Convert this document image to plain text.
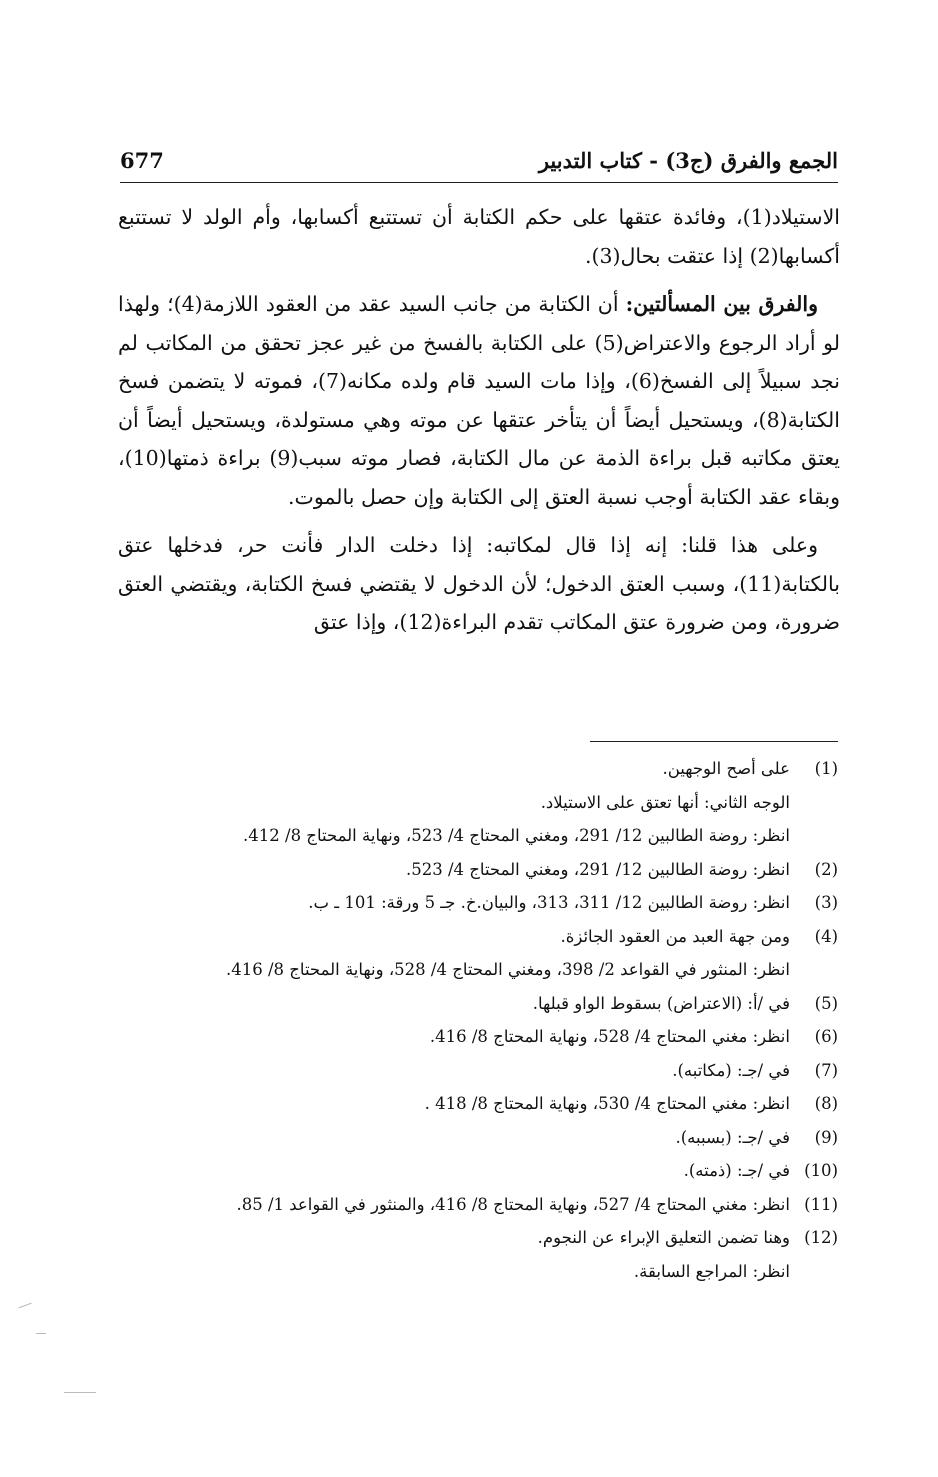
الجمع والفرق (ج3) - كتاب التدبير
677

الاستيلاد(1)، وفائدة عتقها على حكم الكتابة أن تستتبع أكسابها، وأم الولد لا تستتبع أكسابها(2) إذا عتقت بحال(3).

والفرق بين المسألتين: أن الكتابة من جانب السيد عقد من العقود اللازمة(4)؛ ولهذا لو أراد الرجوع والاعتراض(5) على الكتابة بالفسخ من غير عجز تحقق من المكاتب لم نجد سبيلاً إلى الفسخ(6)، وإذا مات السيد قام ولده مكانه(7)، فموته لا يتضمن فسخ الكتابة(8)، ويستحيل أيضاً أن يتأخر عتقها عن موته وهي مستولدة، ويستحيل أيضاً أن يعتق مكاتبه قبل براءة الذمة عن مال الكتابة، فصار موته سبب(9) براءة ذمتها(10)، وبقاء عقد الكتابة أوجب نسبة العتق إلى الكتابة وإن حصل بالموت.

وعلى هذا قلنا: إنه إذا قال لمكاتبه: إذا دخلت الدار فأنت حر، فدخلها عتق بالكتابة(11)، وسبب العتق الدخول؛ لأن الدخول لا يقتضي فسخ الكتابة، ويقتضي العتق ضرورة، ومن ضرورة عتق المكاتب تقدم البراءة(12)، وإذا عتق

(1)
على أصح الوجهين.
الوجه الثاني: أنها تعتق على الاستيلاد.
انظر: روضة الطالبين 12/ 291، ومغني المحتاج 4/ 523، ونهاية المحتاج 8/ 412.
(2)
انظر: روضة الطالبين 12/ 291، ومغني المحتاج 4/ 523.
(3)
انظر: روضة الطالبين 12/ 311، 313، والبيان.خ. جـ 5 ورقة: 101 ـ ب.
(4)
ومن جهة العبد من العقود الجائزة.
انظر: المنثور في القواعد 2/ 398، ومغني المحتاج 4/ 528، ونهاية المحتاج 8/ 416.
(5)
في /أ: (الاعتراض) بسقوط الواو قبلها.
(6)
انظر: مغني المحتاج 4/ 528، ونهاية المحتاج 8/ 416.
(7)
في /جـ: (مكاتبه).
(8)
انظر: مغني المحتاج 4/ 530، ونهاية المحتاج 8/ 418 .
(9)
في /جـ: (بسببه).
(10)
في /جـ: (ذمته).
(11)
انظر: مغني المحتاج 4/ 527، ونهاية المحتاج 8/ 416، والمنثور في القواعد 1/ 85.
(12)
وهنا تضمن التعليق الإبراء عن النجوم.
انظر: المراجع السابقة.
